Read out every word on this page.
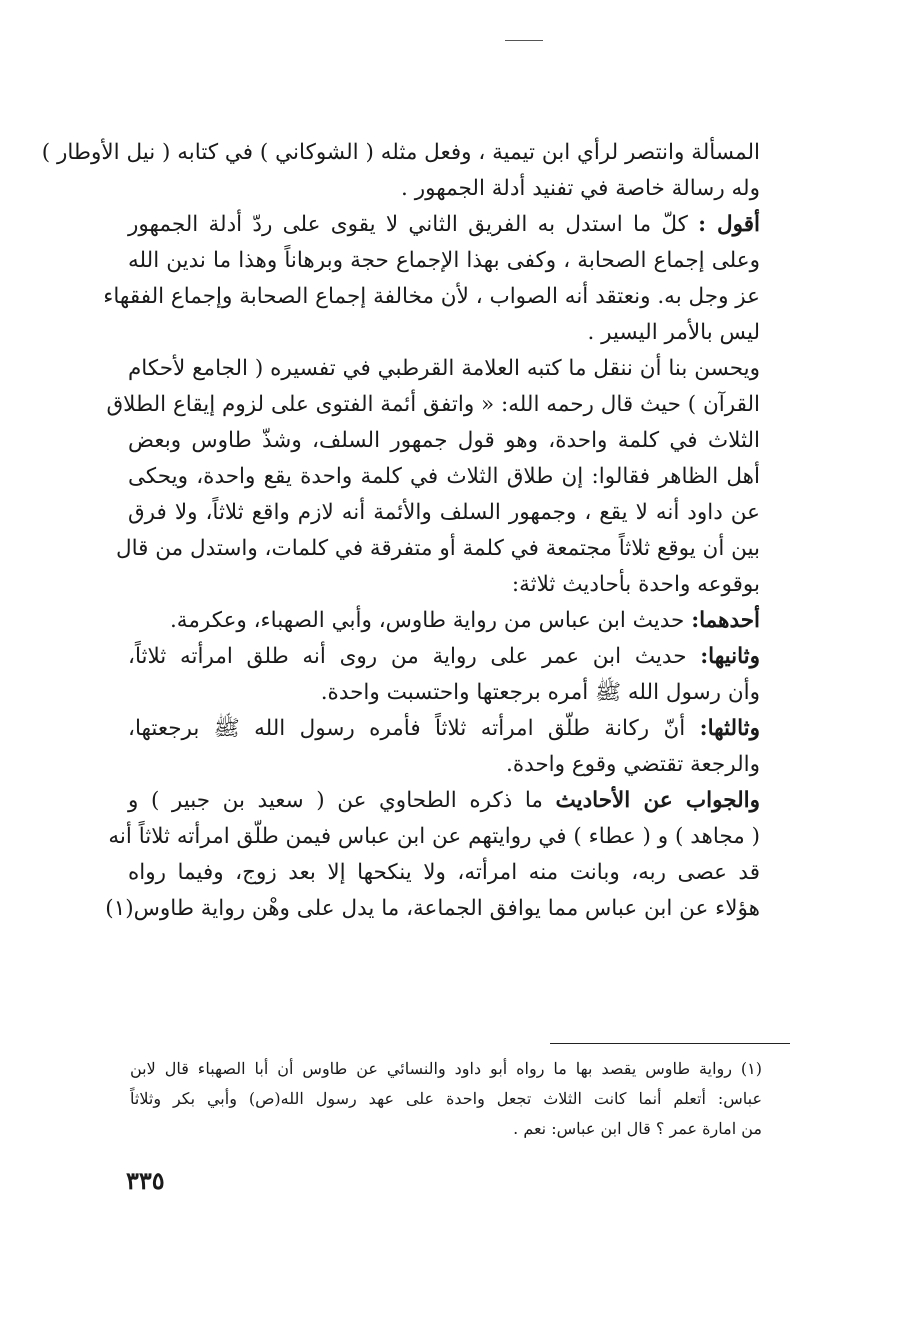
المسألة وانتصر لرأي ابن تيمية ، وفعل مثله ( الشوكاني ) في كتابه ( نيل الأوطار )
وله رسالة خاصة في تفنيد أدلة الجمهور .
أقول : كلّ ما استدل به الفريق الثاني لا يقوى على ردّ أدلة الجمهور
وعلى إجماع الصحابة ، وكفى بهذا الإجماع حجة وبرهاناً وهذا ما ندين الله
عز وجل به. ونعتقد أنه الصواب ، لأن مخالفة إجماع الصحابة وإجماع الفقهاء
ليس بالأمر اليسير .
ويحسن بنا أن ننقل ما كتبه العلامة القرطبي في تفسيره ( الجامع لأحكام
القرآن ) حيث قال رحمه الله: « واتفق أئمة الفتوى على لزوم إيقاع الطلاق
الثلاث في كلمة واحدة، وهو قول جمهور السلف، وشذّ طاوس وبعض
أهل الظاهر فقالوا: إن طلاق الثلاث في كلمة واحدة يقع واحدة، ويحكى
عن داود أنه لا يقع ، وجمهور السلف والأئمة أنه لازم واقع ثلاثاً، ولا فرق
بين أن يوقع ثلاثاً مجتمعة في كلمة أو متفرقة في كلمات، واستدل من قال
بوقوعه واحدة بأحاديث ثلاثة:
أحدهما: حديث ابن عباس من رواية طاوس، وأبي الصهباء، وعكرمة.
وثانيها: حديث ابن عمر على رواية من روى أنه طلق امرأته ثلاثاً،
وأن رسول الله ﷺ أمره برجعتها واحتسبت واحدة.
وثالثها: أنّ ركانة طلّق امرأته ثلاثاً فأمره رسول الله ﷺ برجعتها،
والرجعة تقتضي وقوع واحدة.
والجواب عن الأحاديث ما ذكره الطحاوي عن ( سعيد بن جبير ) و
( مجاهد ) و ( عطاء ) في روايتهم عن ابن عباس فيمن طلّق امرأته ثلاثاً أنه
قد عصى ربه، وبانت منه امرأته، ولا ينكحها إلا بعد زوج، وفيما رواه
هؤلاء عن ابن عباس مما يوافق الجماعة، ما يدل على وهْن رواية طاوس(١)
(١) رواية طاوس يقصد بها ما رواه أبو داود والنسائي عن طاوس أن أبا الصهباء قال لابن
عباس: أتعلم أنما كانت الثلاث تجعل واحدة على عهد رسول الله(ص) وأبي بكر وثلاثاً
من امارة عمر ؟ قال ابن عباس: نعم .
٣٣٥
